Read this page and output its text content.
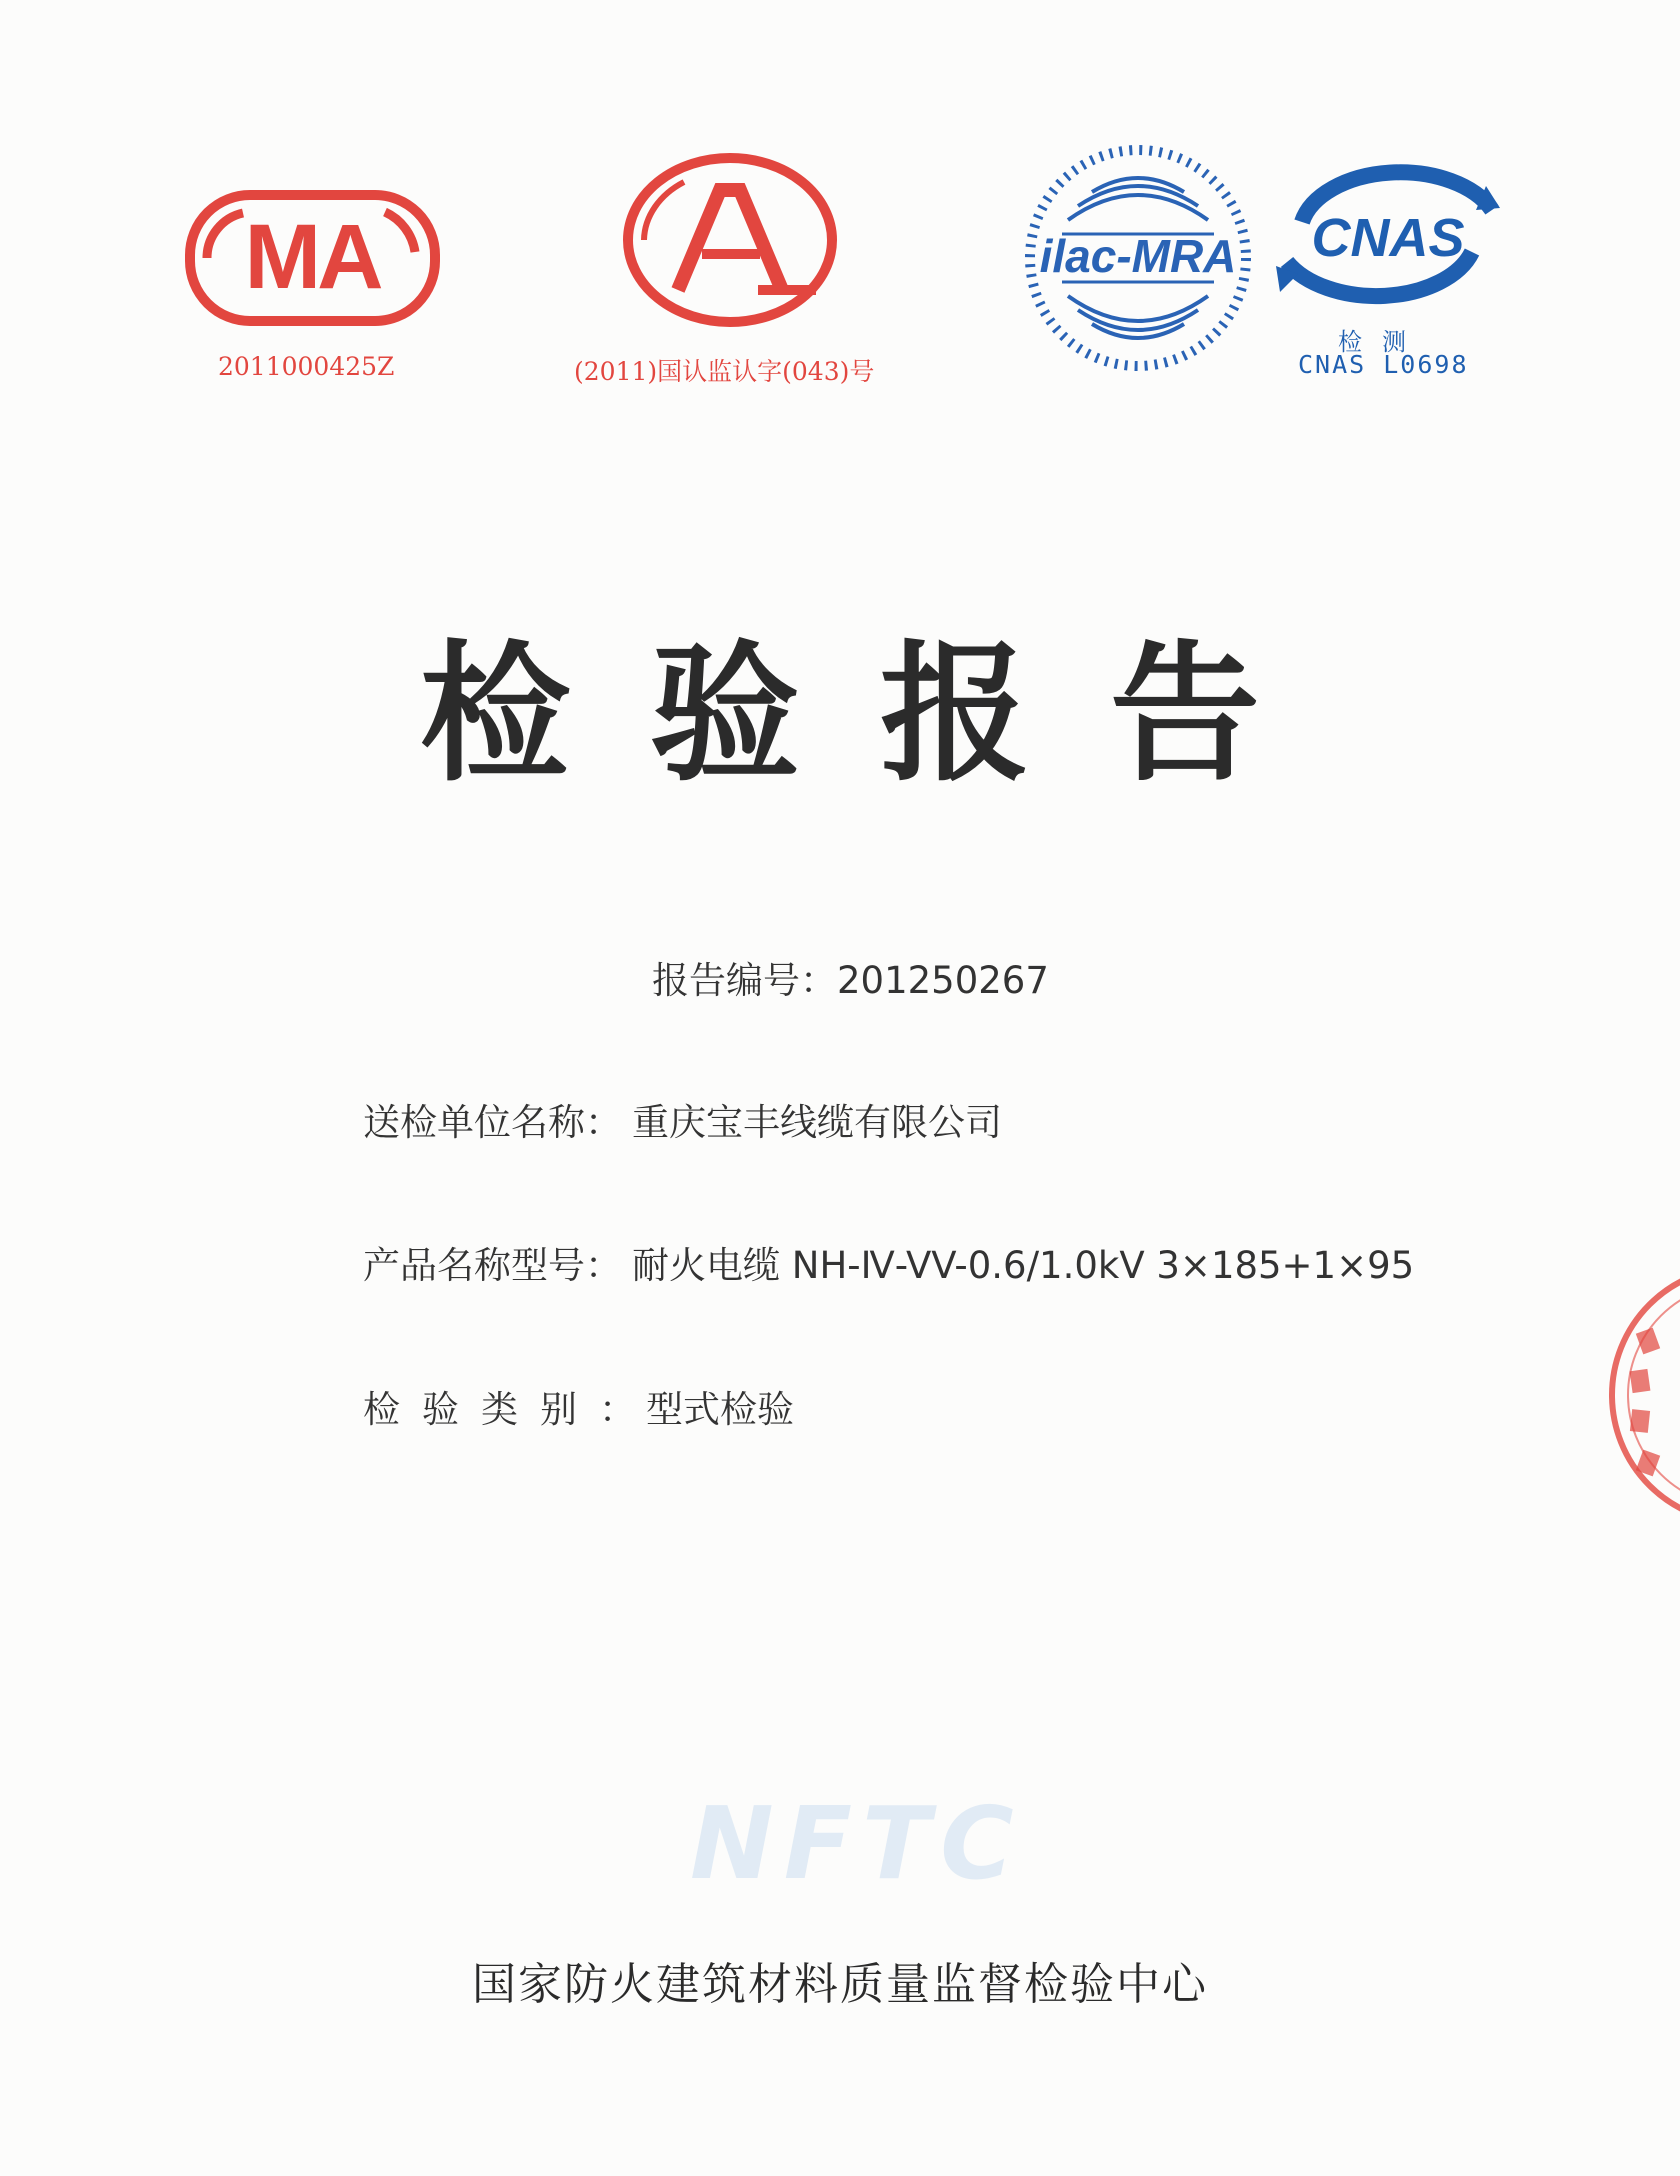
MA
2011000425Z	(2011)国认监认字(043)号
ilac-MRA CNAS
检测
CNAS L0698
检验报告
报告编号：201250267
送检单位名称： 重庆宝丰线缆有限公司
产品名称型号： 耐火电缆 NH-Ⅳ-VV-0.6/1.0kV 3×185+1×95
检验类别：型式检验
NFTC
国家防火建筑材料质量监督检验中心
